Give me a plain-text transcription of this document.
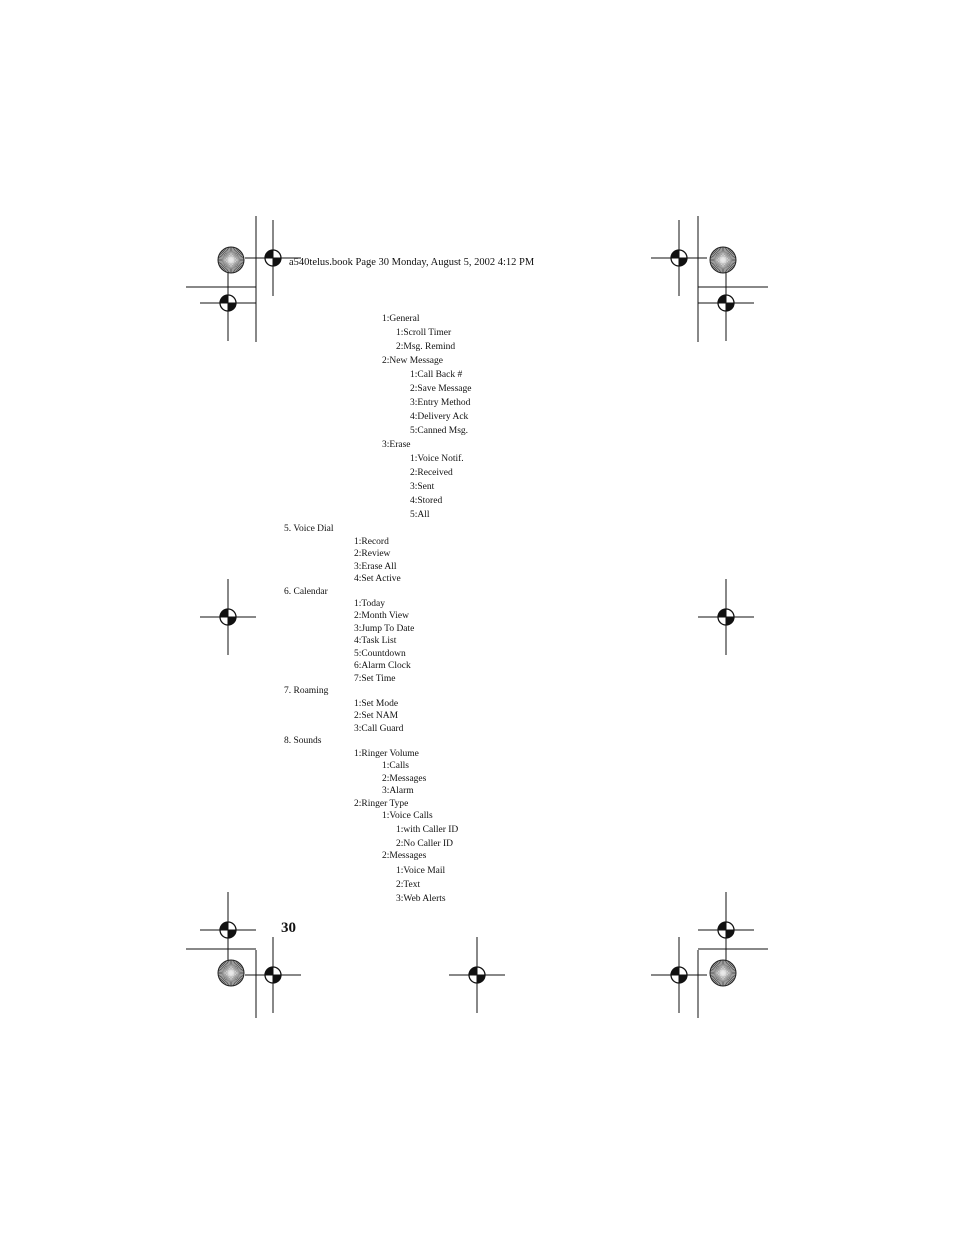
a540telus.book Page 30 Monday, August 5, 2002 4:12 PM
1:General
1:Scroll Timer
2:Msg. Remind
2:New Message
1:Call Back #
2:Save Message
3:Entry Method
4:Delivery Ack
5:Canned Msg.
3:Erase
1:Voice Notif.
2:Received
3:Sent
4:Stored
5:All
5. Voice Dial
1:Record
2:Review
3:Erase All
4:Set Active
6. Calendar
1:Today
2:Month View
3:Jump To Date
4:Task List
5:Countdown
6:Alarm Clock
7:Set Time
7. Roaming
1:Set Mode
2:Set NAM
3:Call Guard
8. Sounds
1:Ringer Volume
1:Calls
2:Messages
3:Alarm
2:Ringer Type
1:Voice Calls
1:with Caller ID
2:No Caller ID
2:Messages
1:Voice Mail
2:Text
3:Web Alerts
30
